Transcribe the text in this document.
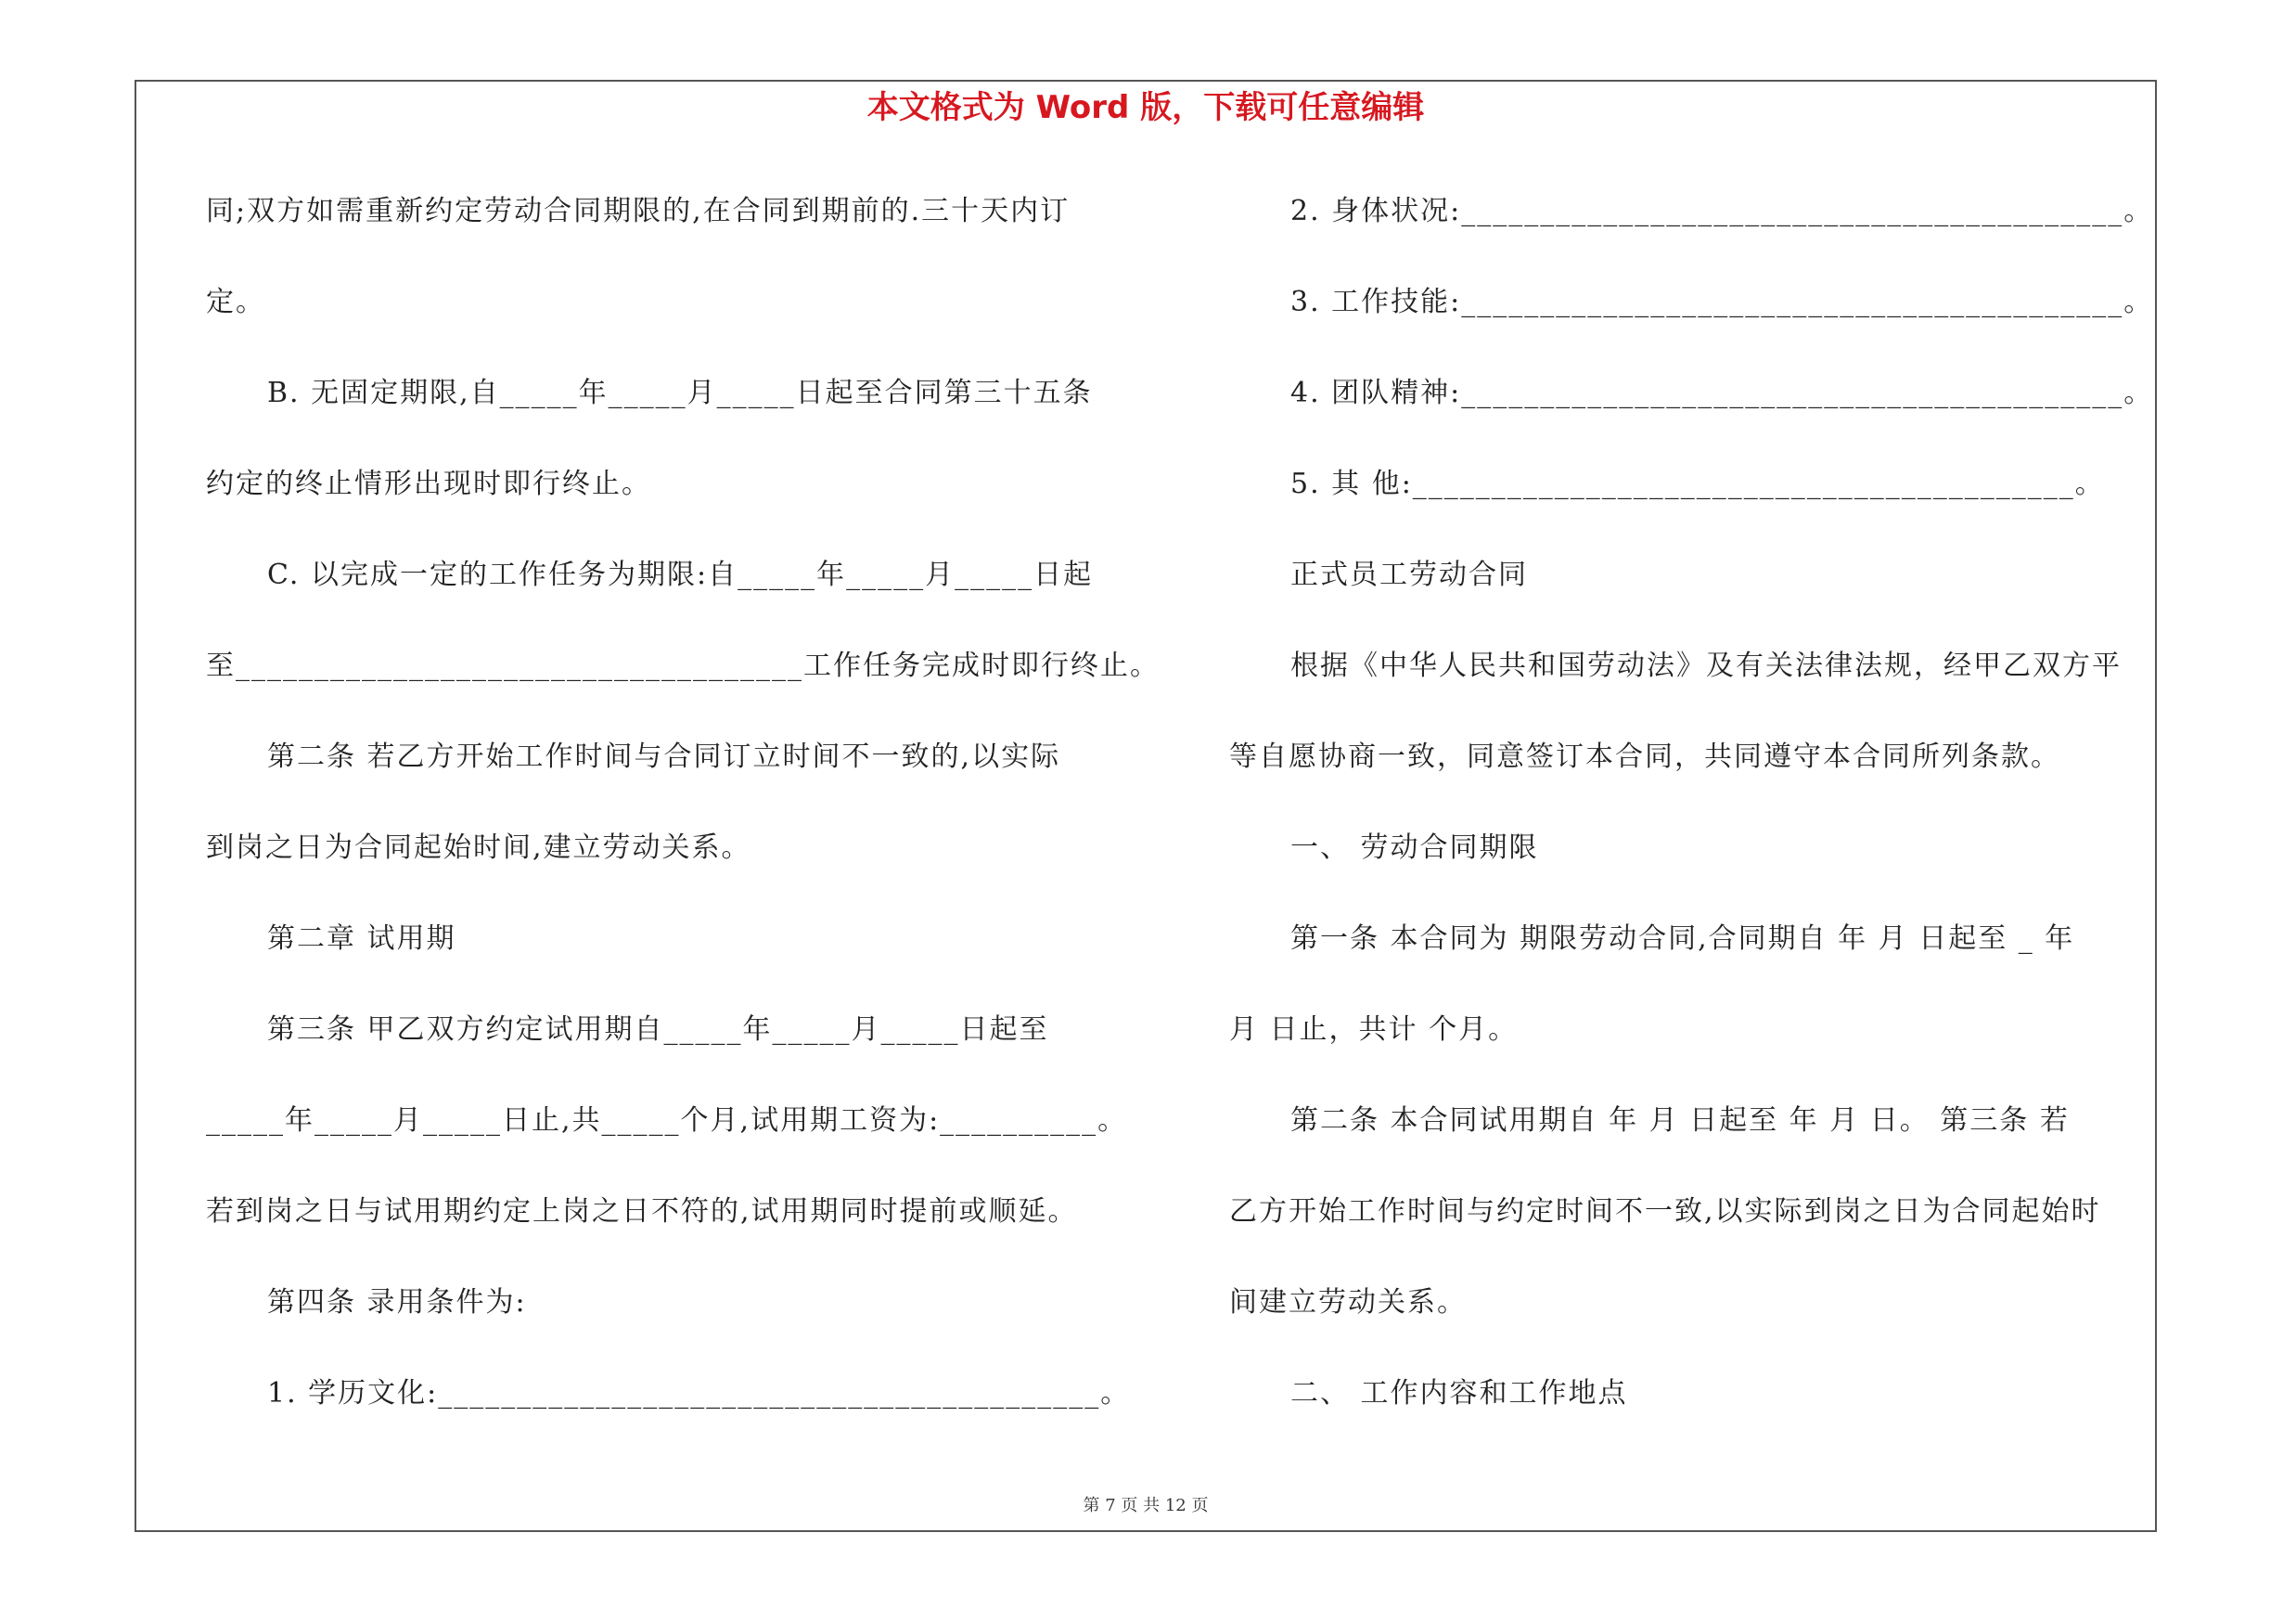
本文格式为 Word 版，下载可任意编辑
同;双方如需重新约定劳动合同期限的,在合同到期前的.三十天内订
定。
B. 无固定期限,自_____年_____月_____日起至合同第三十五条
约定的终止情形出现时即行终止。
C. 以完成一定的工作任务为期限:自_____年_____月_____日起
至____________________________________工作任务完成时即行终止。
第二条 若乙方开始工作时间与合同订立时间不一致的,以实际
到岗之日为合同起始时间,建立劳动关系。
第二章 试用期
第三条 甲乙双方约定试用期自_____年_____月_____日起至
_____年_____月_____日止,共_____个月,试用期工资为:__________。
若到岗之日与试用期约定上岗之日不符的,试用期同时提前或顺延。
第四条 录用条件为:
1. 学历文化:__________________________________________。
2. 身体状况:__________________________________________。
3. 工作技能:__________________________________________。
4. 团队精神:__________________________________________。
5. 其 他:__________________________________________。
正式员工劳动合同
根据《中华人民共和国劳动法》及有关法律法规，经甲乙双方平
等自愿协商一致，同意签订本合同，共同遵守本合同所列条款。
一、 劳动合同期限
第一条 本合同为 期限劳动合同,合同期自 年 月 日起至 _ 年
月 日止，共计 个月。
第二条 本合同试用期自 年 月 日起至 年 月 日。 第三条 若
乙方开始工作时间与约定时间不一致,以实际到岗之日为合同起始时
间建立劳动关系。
二、 工作内容和工作地点
第 7 页 共 12 页
